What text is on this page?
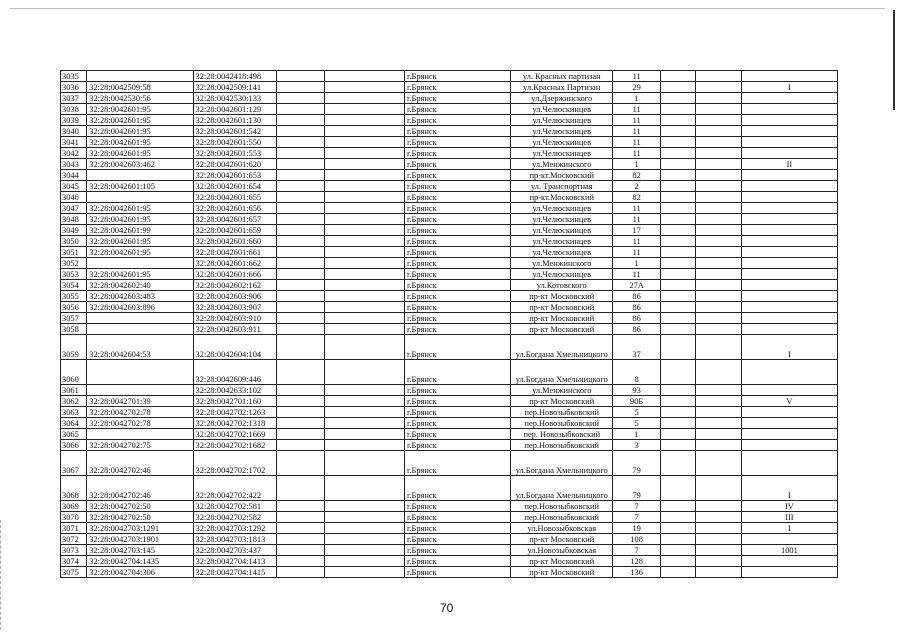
3035		32:28:0042418:498			г.Брянск	ул. Красных партизан	11			
3036	32:28:0042509:58	32:28:0042509:141			г.Брянск	ул.Красных Партизан	29			I
3037	32:28:0042530:56	32:28:0042530:133			г.Брянск	ул.Дзержинского	1			
3038	32:28:0042601:95	32:28:0042601:129			г.Брянск	ул.Челюскинцев	11			
3039	32:28:0042601:95	32:28:0042601:130			г.Брянск	ул.Челюскинцев	11			
3040	32:28:0042601:95	32:28:0042601:542			г.Брянск	ул.Челюскинцев	11			
3041	32:28:0042601:95	32:28:0042601:550			г.Брянск	ул.Челюскинцев	11			
3042	32:28:0042601:95	32:28:0042601:553			г.Брянск	ул.Челюскинцев	11			
3043	32:28:0042603:462	32:28:0042601:620			г.Брянск	ул.Менжинского	1			II
3044		32:28:0042601:653			г.Брянск	пр-кт.Московский	82			
3045	32:28:0042601:105	32:28:0042601:654			г.Брянск	ул. Транспортная	2			
3046		32:28:0042601:655			г.Брянск	пр-кт.Московский	82			
3047	32:28:0042601:95	32:28:0042601:656			г.Брянск	ул.Челюскинцев	11			
3048	32:28:0042601:95	32:28:0042601:657			г.Брянск	ул.Челюскинцев	11			
3049	32:28:0042601:99	32:28:0042601:659			г.Брянск	ул.Челюскинцев	17			
3050	32:28:0042601:95	32:28:0042601:660			г.Брянск	ул.Челюскинцев	11			
3051	32:28:0042601:95	32:28:0042601:661			г.Брянск	ул.Челюскинцев	11			
3052		32:28:0042601:662			г.Брянск	ул.Менжинского	1			
3053	32:28:0042601:95	32:28:0042601:666			г.Брянск	ул.Челюскинцев	11			
3054	32:28:0042602:40	32:28:0042602:162			г.Брянск	ул.Котовского	27А			
3055	32:28:0042603:483	32:28:0042603:906			г.Брянск	пр-кт Московский	86			
3056	32:28:0042603:896	32:28:0042603:907			г.Брянск	пр-кт Московский	86			
3057		32:28:0042603:910			г.Брянск	пр-кт Московский	86			
3058		32:28:0042603:911			г.Брянск	пр-кт Московский	86			
3059	32:28:0042604:53	32:28:0042604:104			г.Брянск	ул.Богдана Хмельницкого	37			I
3060		32:28:0042609:446			г.Брянск	ул.Богдана Хмельницкого	8			
3061		32:28:0042633:102			г.Брянск	ул.Менжинского	93			
3062	32:28:0042701:39	32:28:0042701:160			г.Брянск	пр-кт Московский	90Б			V
3063	32:28:0042702:78	32:28:0042702:1263			г.Брянск	пер.Новозыбковский	5			
3064	32:28:0042702:78	32:28:0042702:1318			г.Брянск	пер.Новозыбковский	5			
3065		32:28:0042702:1669			г.Брянск	пер. Новозыбковский	1			
3066	32:28:0042702:75	32:28:0042702:1682			г.Брянск	пер.Новозыбковский	3			
3067	32:28:0042702:46	32:28:0042702:1702			г.Брянск	ул.Богдана Хмельницкого	79			
3068	32:28:0042702:46	32:28:0042702:422			г.Брянск	ул.Богдана Хмельницкого	79			I
3069	32:28:0042702:50	32:28:0042702:581			г.Брянск	пер.Новозыбковский	7			IV
3070	32:28:0042702:50	32:28:0042702:582			г.Брянск	пер.Новозыбковский	7			III
3071	32:28:0042703:1291	32:28:0042703:1292			г.Брянск	ул.Новозыбковская	19			I
3072	32:28:0042703:1901	32:28:0042703:1813			г.Брянск	пр-кт Московский	108			
3073	32:28:0042703:145	32:28:0042703:437			г.Брянск	ул.Новозыбковская	7			1001
3074	32:28:0042704:1435	32:28:0042704:1413			г.Брянск	пр-кт Московский	128			
3075	32:28:0042704:306	32:28:0042704:1415			г.Брянск	пр-кт Московский	136			
70
